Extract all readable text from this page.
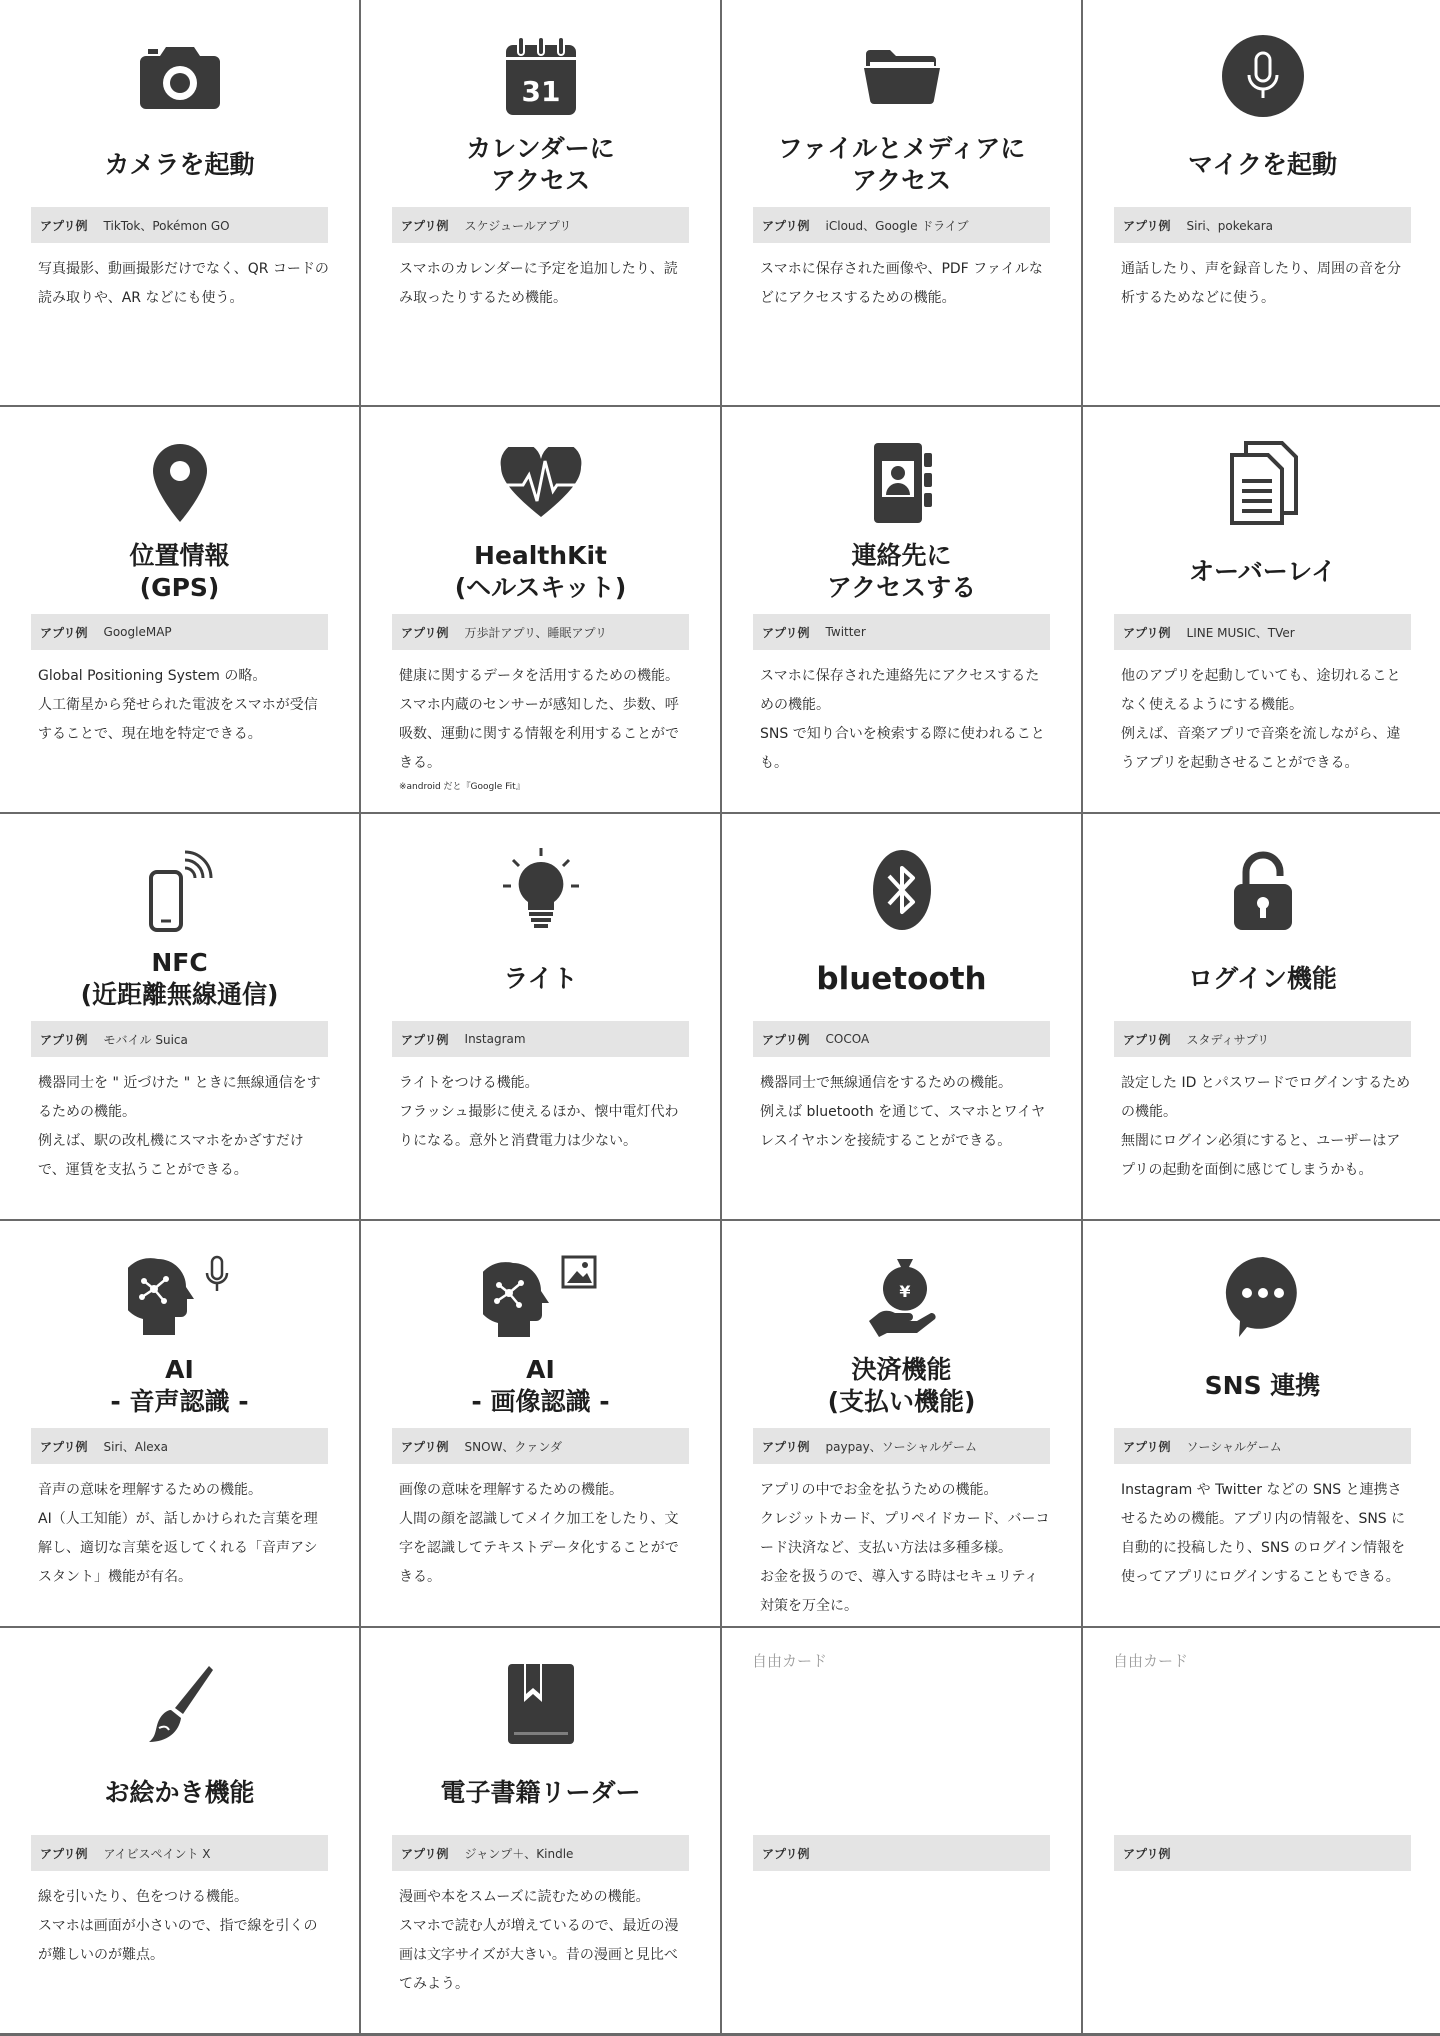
カメラを起動
アプリ例 TikTok、Pokémon GO

写真撮影、動画撮影だけでなく、QR コードの読み取りや、AR などにも使う。

31
カレンダーに
アクセス
アプリ例 スケジュールアプリ

スマホのカレンダーに予定を追加したり、読み取ったりするため機能。

ファイルとメディアに
アクセス
アプリ例 iCloud、Google ドライブ

スマホに保存された画像や、PDF ファイルなどにアクセスするための機能。

マイクを起動
アプリ例 Siri、pokekara

通話したり、声を録音したり、周囲の音を分析するためなどに使う。

位置情報
(GPS)
アプリ例 GoogleMAP

Global Positioning System の略。

人工衛星から発せられた電波をスマホが受信することで、現在地を特定できる。

HealthKit
(ヘルスキット)
アプリ例 万歩計アプリ、睡眠アプリ

健康に関するデータを活用するための機能。スマホ内蔵のセンサーが感知した、歩数、呼吸数、運動に関する情報を利用することができる。

※android だと『Google Fit』

連絡先に
アクセスする
アプリ例 Twitter

スマホに保存された連絡先にアクセスするための機能。

SNS で知り合いを検索する際に使われることも。

オーバーレイ
アプリ例 LINE MUSIC、TVer

他のアプリを起動していても、途切れることなく使えるようにする機能。

例えば、音楽アプリで音楽を流しながら、違うアプリを起動させることができる。

NFC
(近距離無線通信)
アプリ例 モバイル Suica

機器同士を " 近づけた " ときに無線通信をするための機能。

例えば、駅の改札機にスマホをかざすだけで、運賃を支払うことができる。

ライト
アプリ例 Instagram

ライトをつける機能。

フラッシュ撮影に使えるほか、懐中電灯代わりになる。意外と消費電力は少ない。

bluetooth
アプリ例 COCOA

機器同士で無線通信をするための機能。

例えば bluetooth を通じて、スマホとワイヤレスイヤホンを接続することができる。

ログイン機能
アプリ例 スタディサプリ

設定した ID とパスワードでログインするための機能。

無闇にログイン必須にすると、ユーザーはアプリの起動を面倒に感じてしまうかも。

AI
- 音声認識 -
アプリ例 Siri、Alexa

音声の意味を理解するための機能。

AI（人工知能）が、話しかけられた言葉を理解し、適切な言葉を返してくれる「音声アシスタント」機能が有名。

AI
- 画像認識 -
アプリ例 SNOW、クァンダ

画像の意味を理解するための機能。

人間の顔を認識してメイク加工をしたり、文字を認識してテキストデータ化することができる。

¥
決済機能
(支払い機能)
アプリ例 paypay、ソーシャルゲーム

アプリの中でお金を払うための機能。

クレジットカード、プリペイドカード、バーコード決済など、支払い方法は多種多様。

お金を扱うので、導入する時はセキュリティ対策を万全に。

SNS 連携
アプリ例 ソーシャルゲーム

Instagram や Twitter などの SNS と連携させるための機能。アプリ内の情報を、SNS に自動的に投稿したり、SNS のログイン情報を使ってアプリにログインすることもできる。

お絵かき機能
アプリ例 アイビスペイント X

線を引いたり、色をつける機能。

スマホは画面が小さいので、指で線を引くのが難しいのが難点。

電子書籍リーダー
アプリ例 ジャンプ＋、Kindle

漫画や本をスムーズに読むための機能。

スマホで読む人が増えているので、最近の漫画は文字サイズが大きい。昔の漫画と見比べてみよう。

自由カード
アプリ例
自由カード
アプリ例
